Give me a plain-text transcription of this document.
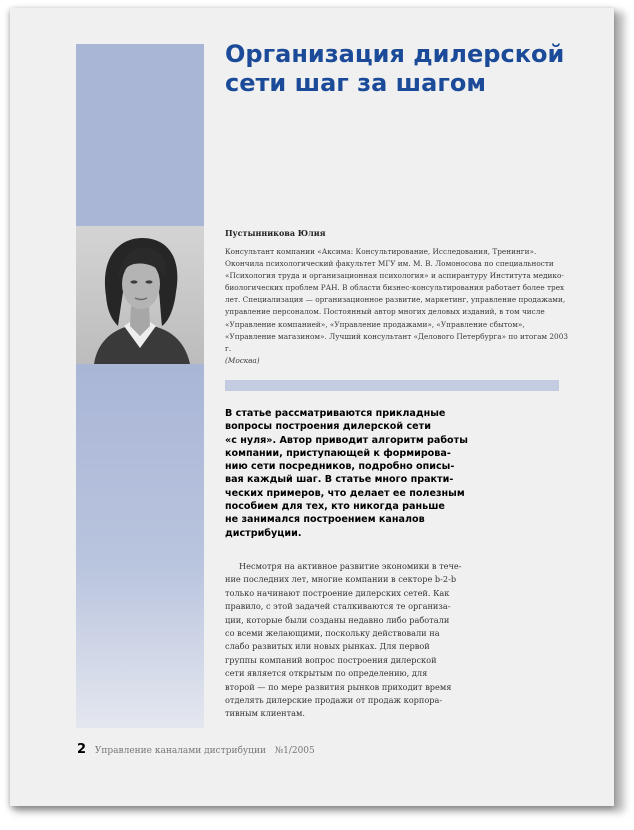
Организация дилерской сети шаг за шагом

Пустынникова Юлия

Консультант компании «Аксима: Консультирование, Исследования, Тренинги». Окончила психологический факультет МГУ им. М. В. Ломоносова по специальности «Психология труда и организационная психология» и аспирантуру Института медико-биологических проблем РАН. В области бизнес-консультирования работает более трех лет. Специализация — организационное развитие, маркетинг, управление продажами, управление персоналом. Постоянный автор многих деловых изданий, в том числе «Управление компанией», «Управление продажами», «Управление сбытом», «Управление магазином». Лучший консультант «Делового Петербурга» по итогам 2003 г.
(Москва)

В статье рассматриваются прикладные
вопросы построения дилерской сети
«с нуля». Автор приводит алгоритм работы
компании, приступающей к формирова-
нию сети посредников, подробно описы-
вая каждый шаг. В статье много практи-
ческих примеров, что делает ее полезным
пособием для тех, кто никогда раньше
не занимался построением каналов
дистрибуции.

Несмотря на активное развитие экономики в тече-
ние последних лет, многие компании в секторе b-2-b
только начинают построение дилерских сетей. Как
правило, с этой задачей сталкиваются те организа-
ции, которые были созданы недавно либо работали
со всеми желающими, поскольку действовали на
слабо развитых или новых рынках. Для первой
группы компаний вопрос построения дилерской
сети является открытым по определению, для
второй — по мере развития рынков приходит время
отделять дилерские продажи от продаж корпора-
тивным клиентам.

2 Управление каналами дистрибуции №1/2005
